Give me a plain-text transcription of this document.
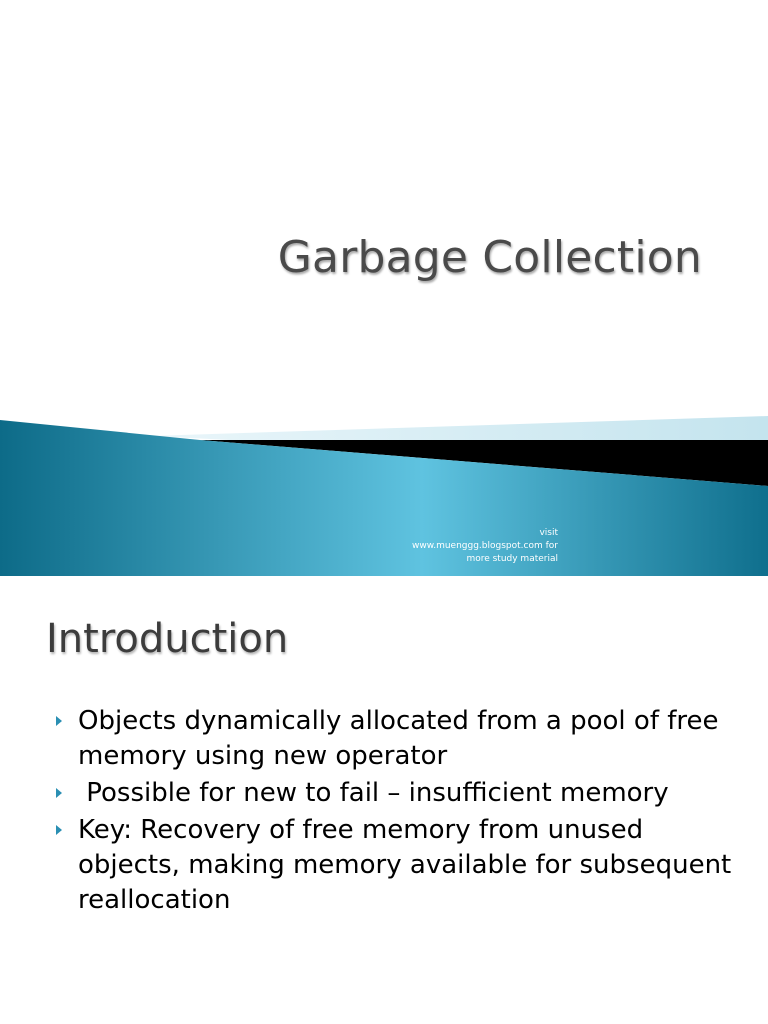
Garbage Collection
visit
www.muenggg.blogspot.com for
more study material
Introduction
Objects dynamically allocated from a pool of free memory using new operator
Possible for new to fail – insufficient memory
Key: Recovery of free memory from unused objects, making memory available for subsequent reallocation
